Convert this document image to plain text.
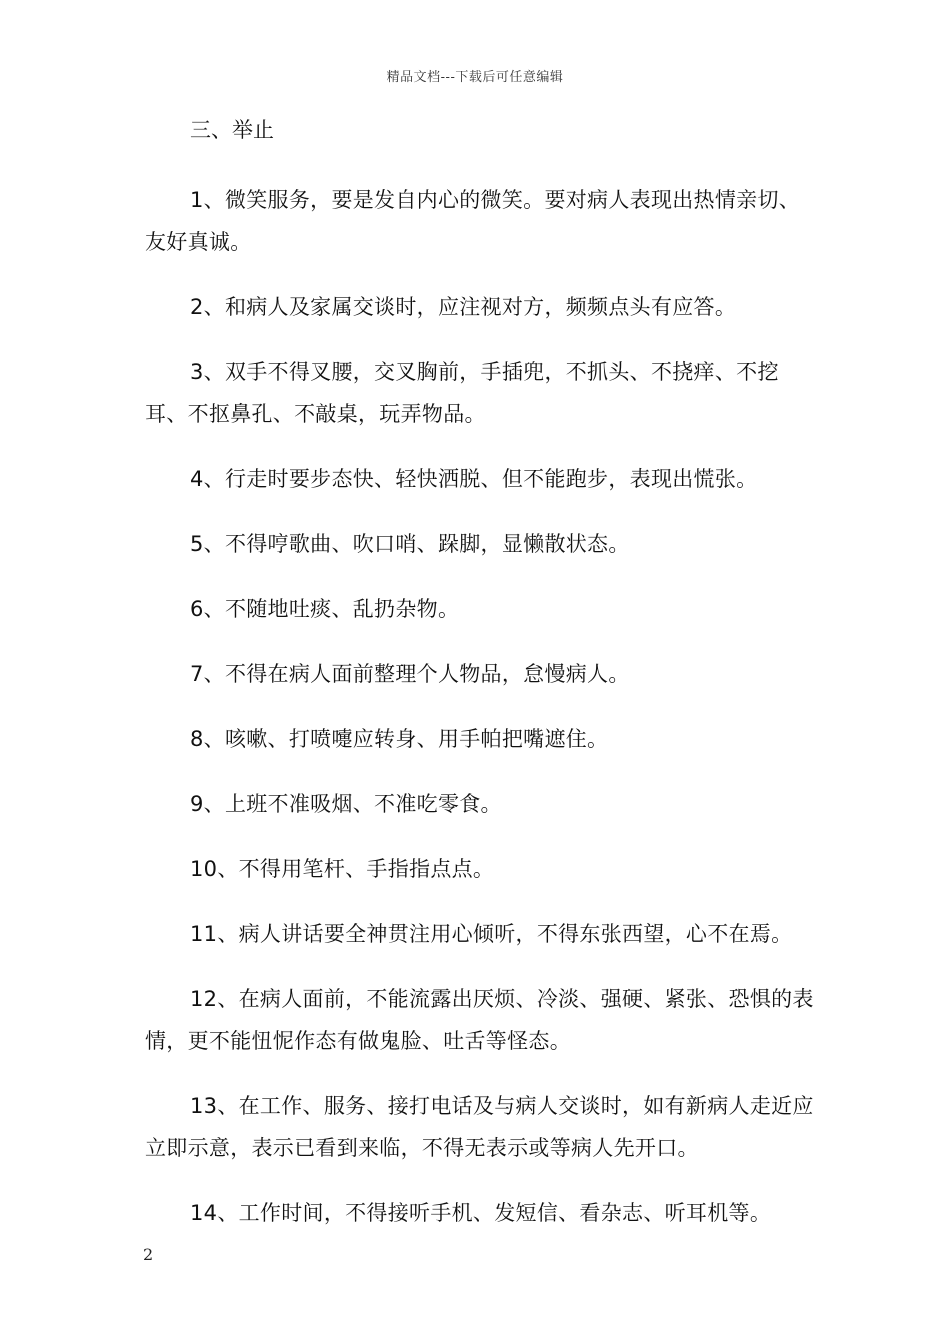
精品文档---下载后可任意编辑

三、举止

1、微笑服务，要是发自内心的微笑。要对病人表现出热情亲切、友好真诚。

2、和病人及家属交谈时，应注视对方，频频点头有应答。

3、双手不得叉腰，交叉胸前，手插兜，不抓头、不挠痒、不挖耳、不抠鼻孔、不敲桌，玩弄物品。

4、行走时要步态快、轻快洒脱、但不能跑步，表现出慌张。

5、不得哼歌曲、吹口哨、跺脚，显懒散状态。

6、不随地吐痰、乱扔杂物。

7、不得在病人面前整理个人物品，怠慢病人。

8、咳嗽、打喷嚏应转身、用手帕把嘴遮住。

9、上班不准吸烟、不准吃零食。

10、不得用笔杆、手指指点点。

11、病人讲话要全神贯注用心倾听，不得东张西望，心不在焉。

12、在病人面前，不能流露出厌烦、冷淡、强硬、紧张、恐惧的表情，更不能忸怩作态有做鬼脸、吐舌等怪态。

13、在工作、服务、接打电话及与病人交谈时，如有新病人走近应立即示意，表示已看到来临，不得无表示或等病人先开口。

14、工作时间，不得接听手机、发短信、看杂志、听耳机等。

2
